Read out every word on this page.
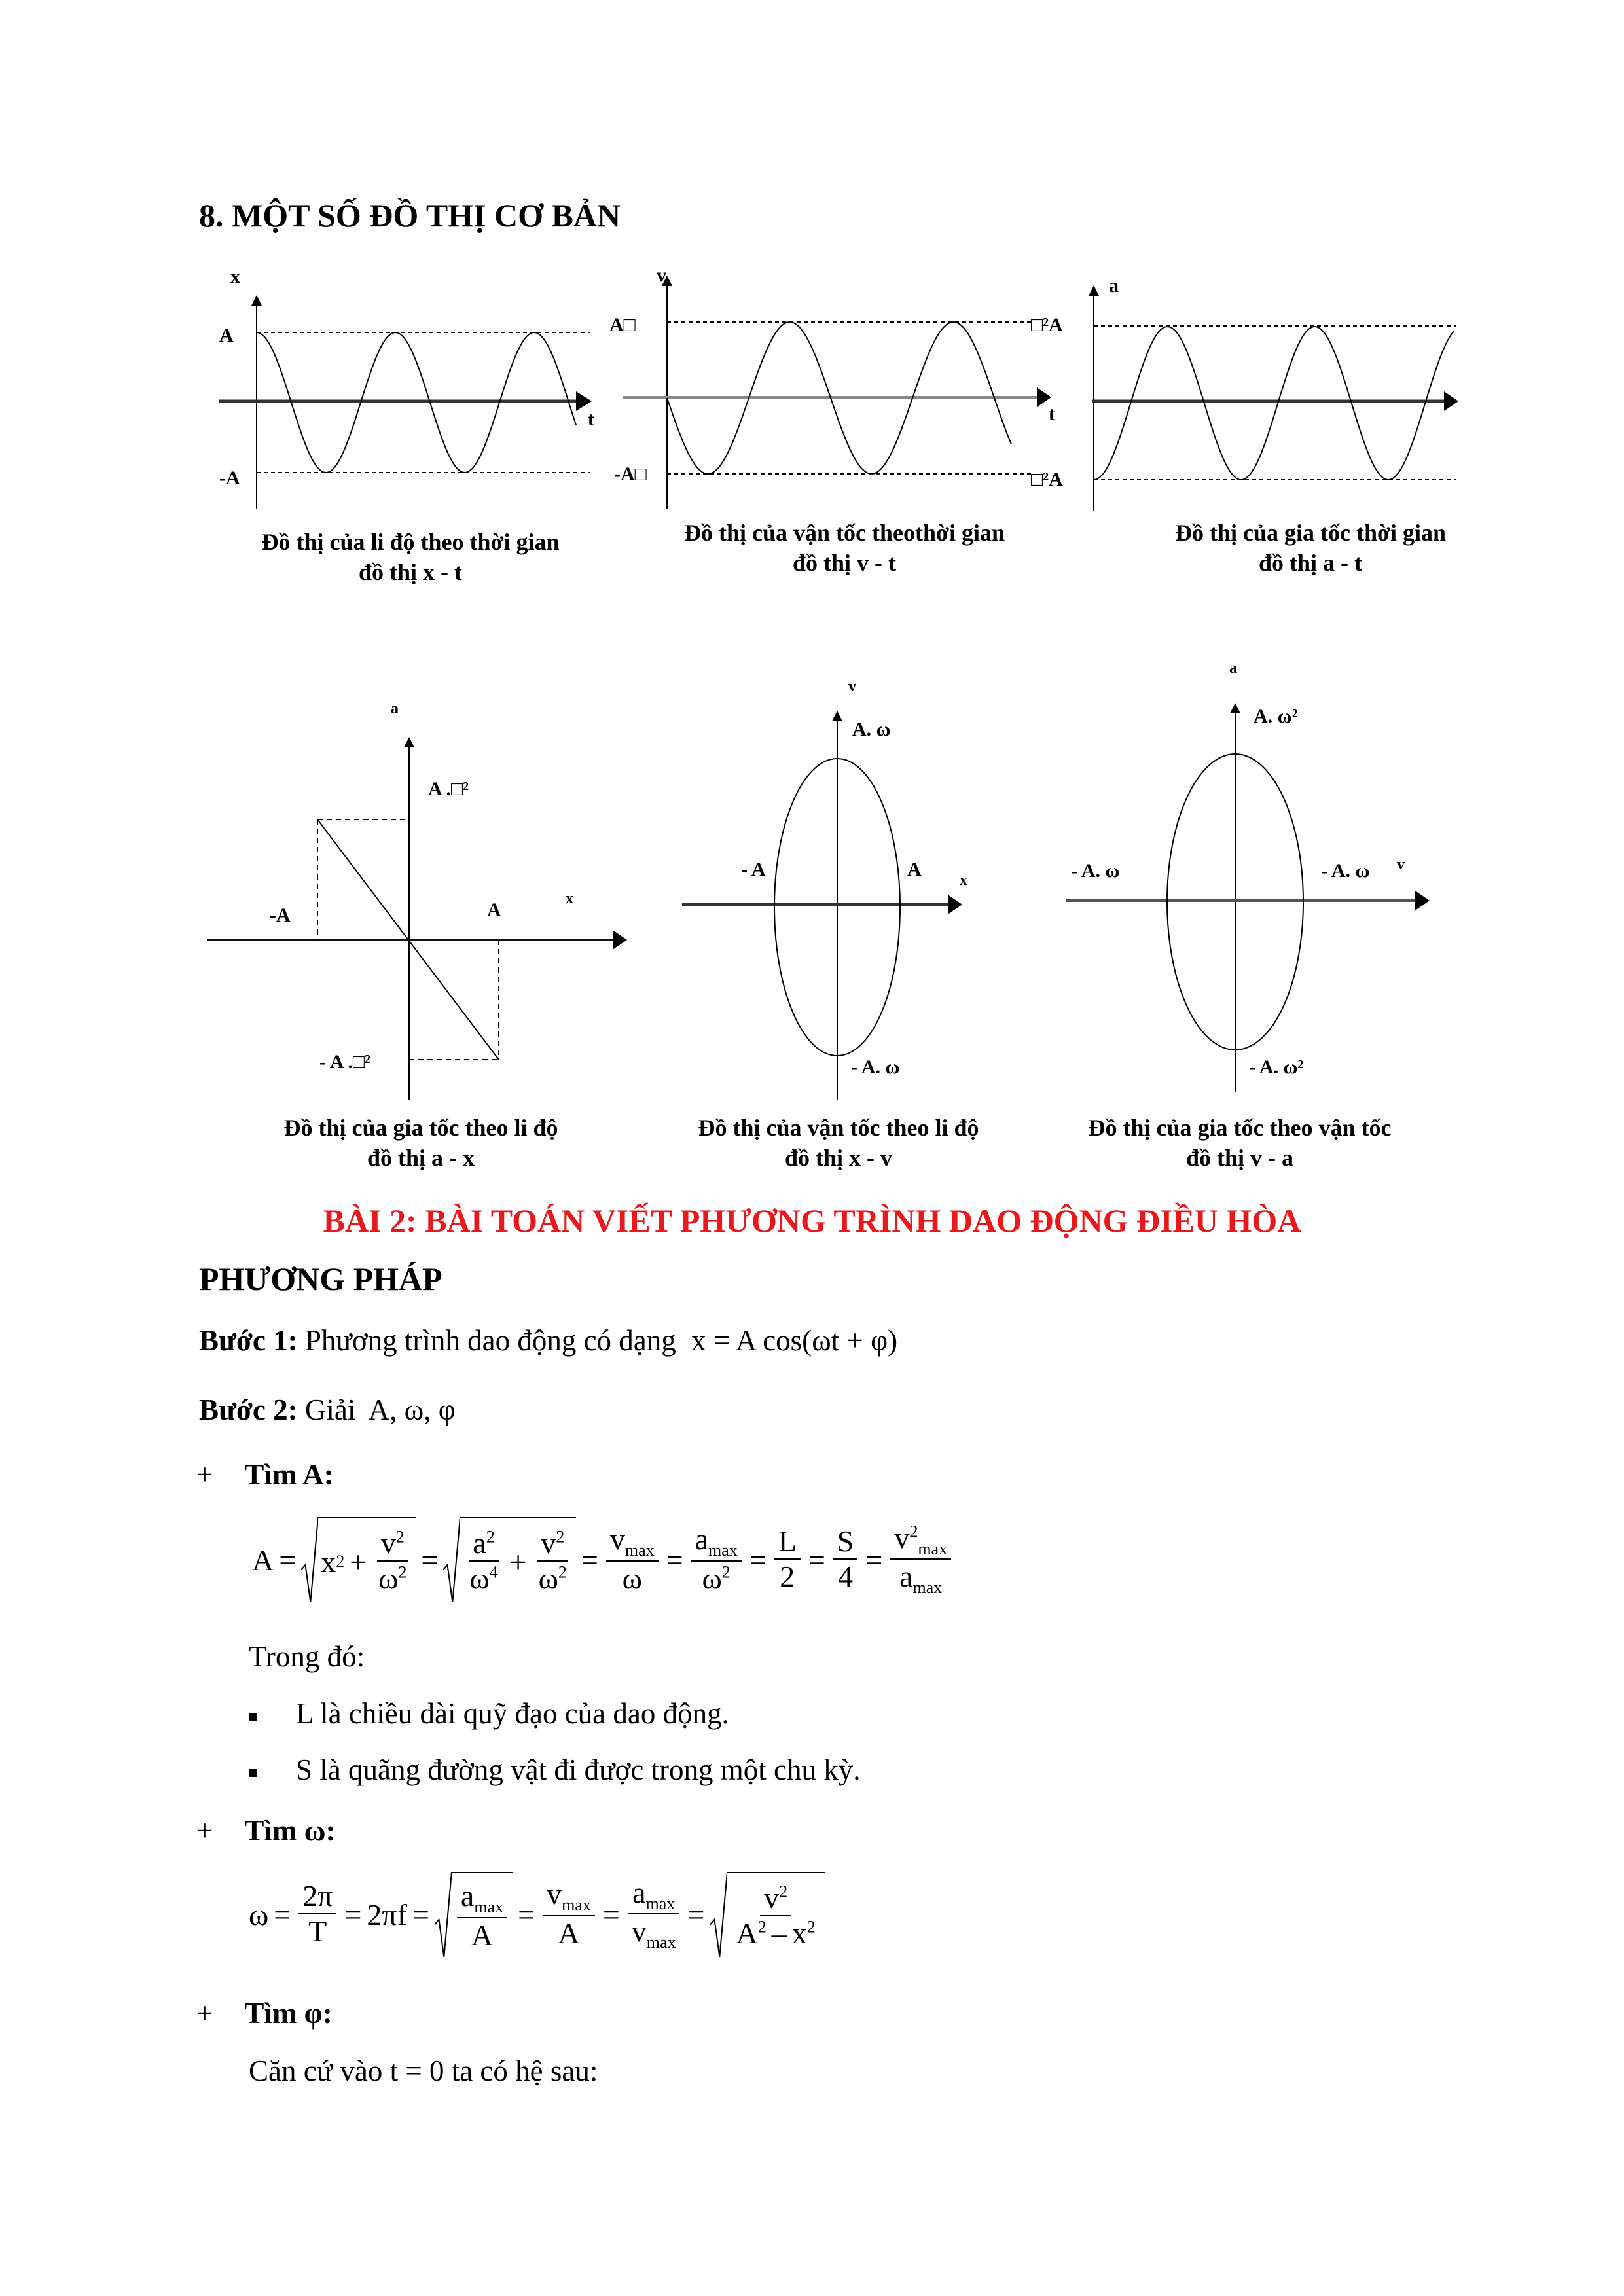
8. MỘT SỐ ĐỒ THỊ CƠ BẢN
x
A
-A
t
Đồ thị của li độ theo thời gian
đồ thị x - t
v
A□
-A□
□²A
□²A
t
Đồ thị của vận tốc theothời gian
đồ thị v - t
a
Đồ thị của gia tốc thời gian
đồ thị a - t
a
A .□²
-A	A
x
- A .□²
Đồ thị của gia tốc theo li độ
đồ thị a - x
v
A. ω
- A	A x
- A. ω
Đồ thị của vận tốc theo li độ
đồ thị x - v
a
A. ω²
- A. ω	- A. ω v
- A. ω²
Đồ thị của gia tốc theo vận tốc
đồ thị v - a
BÀI 2: BÀI TOÁN VIẾT PHƯƠNG TRÌNH DAO ĐỘNG ĐIỀU HÒA
PHƯƠNG PHÁP
Bước 1: Phương trình dao động có dạng x = A cos(ωt + φ)
Bước 2: Giải A, ω, φ
+ Tìm A:
A = x $2 + \frac{v^2}{\omega^2} = \frac{a^2}{\omega^4} + \frac{v^2}{\omega^2} = \frac{v_{max}}{\omega} = \frac{a_{max}}{\omega^2} = \frac{L}{2} = \frac{S}{4} = \frac{v^2_{max}}{a_{max}}$
Trong đó:
L là chiều dài quỹ đạo của dao động.
S là quãng đường vật đi được trong một chu kỳ.
+ Tìm ω:
$\omega = \frac{2\pi}{T} = 2\pi f = \frac{a_{max}}{A} = \frac{v_{max}}{A} = \frac{a_{max}}{v_{max}} = \frac{v^2}{A^2 - x^2}$
+ Tìm φ:
Căn cứ vào t = 0 ta có hệ sau:
